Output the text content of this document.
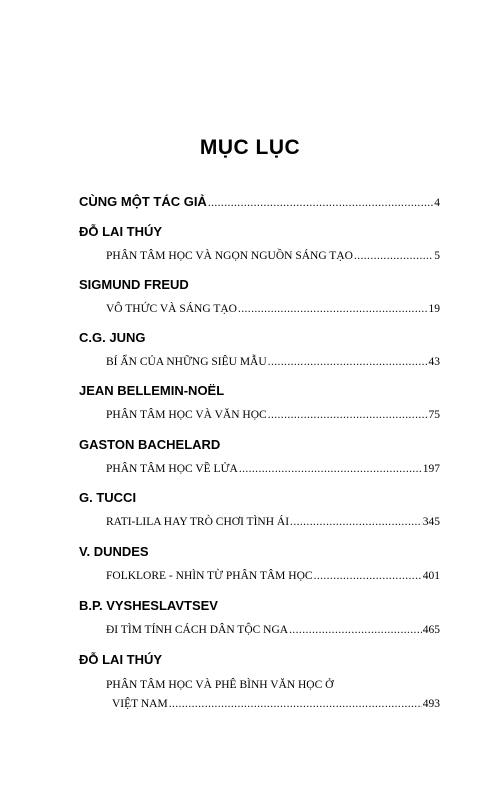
MỤC LỤC
CÙNG MỘT TÁC GIẢ .....	4
ĐỖ LAI THÚY
PHÂN TÂM HỌC VÀ NGỌN NGUỒN SÁNG TẠO .....	5
SIGMUND FREUD
VÔ THỨC VÀ SÁNG TẠO .....	19
C.G. JUNG
BÍ ẨN CỦA NHỮNG SIÊU MẪU .....	43
JEAN BELLEMIN-NOËL
PHÂN TÂM HỌC VÀ VĂN HỌC .....	75
GASTON BACHELARD
PHÂN TÂM HỌC VỀ LỬA .....	197
G. TUCCI
RATI-LILA HAY TRÒ CHƠI TÌNH ÁI .....	345
V. DUNDES
FOLKLORE - NHÌN TỪ PHÂN TÂM HỌC .....	401
B.P. VYSHESLAVTSEV
ĐI TÌM TÍNH CÁCH DÂN TỘC NGA .....	465
ĐỖ LAI THÚY
PHÂN TÂM HỌC VÀ PHÊ BÌNH VĂN HỌC Ở
VIỆT NAM .....	493
